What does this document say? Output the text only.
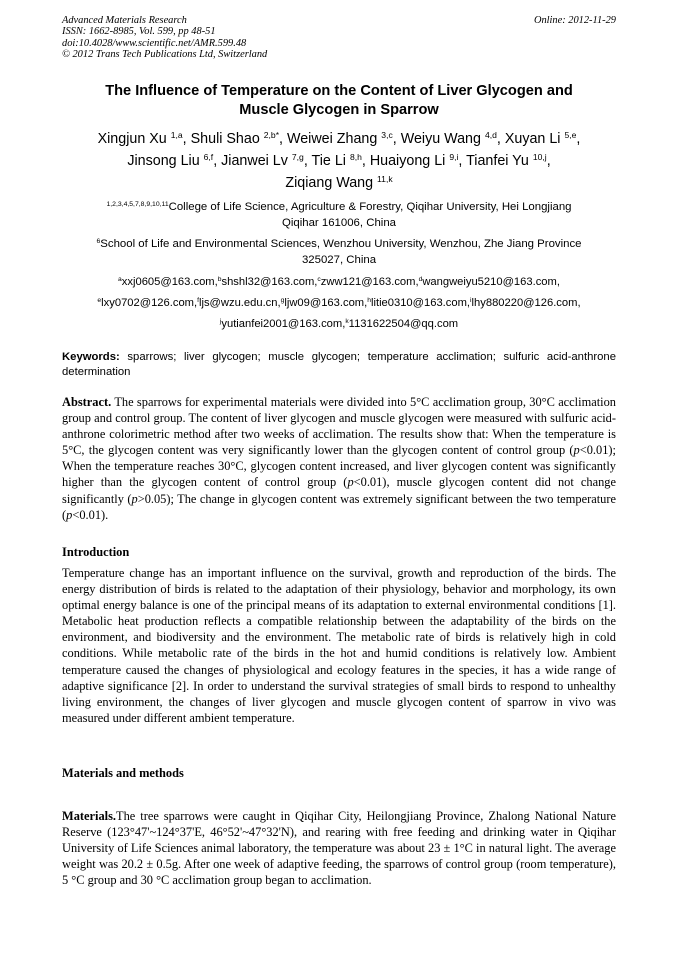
Advanced Materials Research
ISSN: 1662-8985, Vol. 599, pp 48-51
doi:10.4028/www.scientific.net/AMR.599.48
© 2012 Trans Tech Publications Ltd, Switzerland
Online: 2012-11-29
The Influence of Temperature on the Content of Liver Glycogen and
Muscle Glycogen in Sparrow
Xingjun Xu $^{1,a}$, Shuli Shao $^{2,b*}$, Weiwei Zhang $^{3,c}$, Weiyu Wang $^{4,d}$, Xuyan Li $^{5,e}$,
Jinsong Liu $^{6,f}$, Jianwei Lv $^{7,g}$, Tie Li $^{8,h}$, Huaiyong Li $^{9,i}$, Tianfei Yu $^{10,j}$,
Ziqiang Wang $^{11,k}$
$^{1,2,3,4,5,7,8,9,10,11}$College of Life Science, Agriculture & Forestry, Qiqihar University, Hei Longjiang
Qiqihar 161006, China
$^6$School of Life and Environmental Sciences, Wenzhou University, Wenzhou, Zhe Jiang Province
325027, China
$^a$xxj0605@163.com,$^b$shshl32@163.com,$^c$zww121@163.com,$^d$wangweiyu5210@163.com,
$^e$lxy0702@126.com,$^f$ljs@wzu.edu.cn,$^g$ljw09@163.com,$^h$litie0310@163.com,$^i$lhy880220@126.com,
$^j$yutianfei2001@163.com,$^k$1131622504@qq.com
Keywords: sparrows; liver glycogen; muscle glycogen; temperature acclimation; sulfuric acid-anthrone determination
Abstract. The sparrows for experimental materials were divided into 5°C acclimation group, 30°C acclimation group and control group. The content of liver glycogen and muscle glycogen were measured with sulfuric acid-anthrone colorimetric method after two weeks of acclimation. The results show that: When the temperature is 5°C, the glycogen content was very significantly lower than the glycogen content of control group (p<0.01); When the temperature reaches 30°C, glycogen content increased, and liver glycogen content was significantly higher than the glycogen content of control group (p<0.01), muscle glycogen content did not change significantly (p>0.05); The change in glycogen content was extremely significant between the two temperature (p<0.01).
Introduction
Temperature change has an important influence on the survival, growth and reproduction of the birds. The energy distribution of birds is related to the adaptation of their physiology, behavior and morphology, its own optimal energy balance is one of the principal means of its adaptation to external environmental conditions [1]. Metabolic heat production reflects a compatible relationship between the adaptability of the birds on the environment, and biodiversity and the environment. The metabolic rate of birds is relatively high in cold conditions. While metabolic rate of the birds in the hot and humid conditions is relatively low. Ambient temperature caused the changes of physiological and ecology features in the species, it has a wide range of adaptive significance [2]. In order to understand the survival strategies of small birds to respond to unhealthy living environment, the changes of liver glycogen and muscle glycogen content of sparrow in vivo was measured under different ambient temperature.
Materials and methods
Materials.The tree sparrows were caught in Qiqihar City, Heilongjiang Province, Zhalong National Nature Reserve (123°47'~124°37'E, 46°52'~47°32'N), and rearing with free feeding and drinking water in Qiqihar University of Life Sciences animal laboratory, the temperature was about 23 ± 1°C in natural light. The average weight was 20.2 ± 0.5g. After one week of adaptive feeding, the sparrows of control group (room temperature), 5 °C group and 30 °C acclimation group began to acclimation.
